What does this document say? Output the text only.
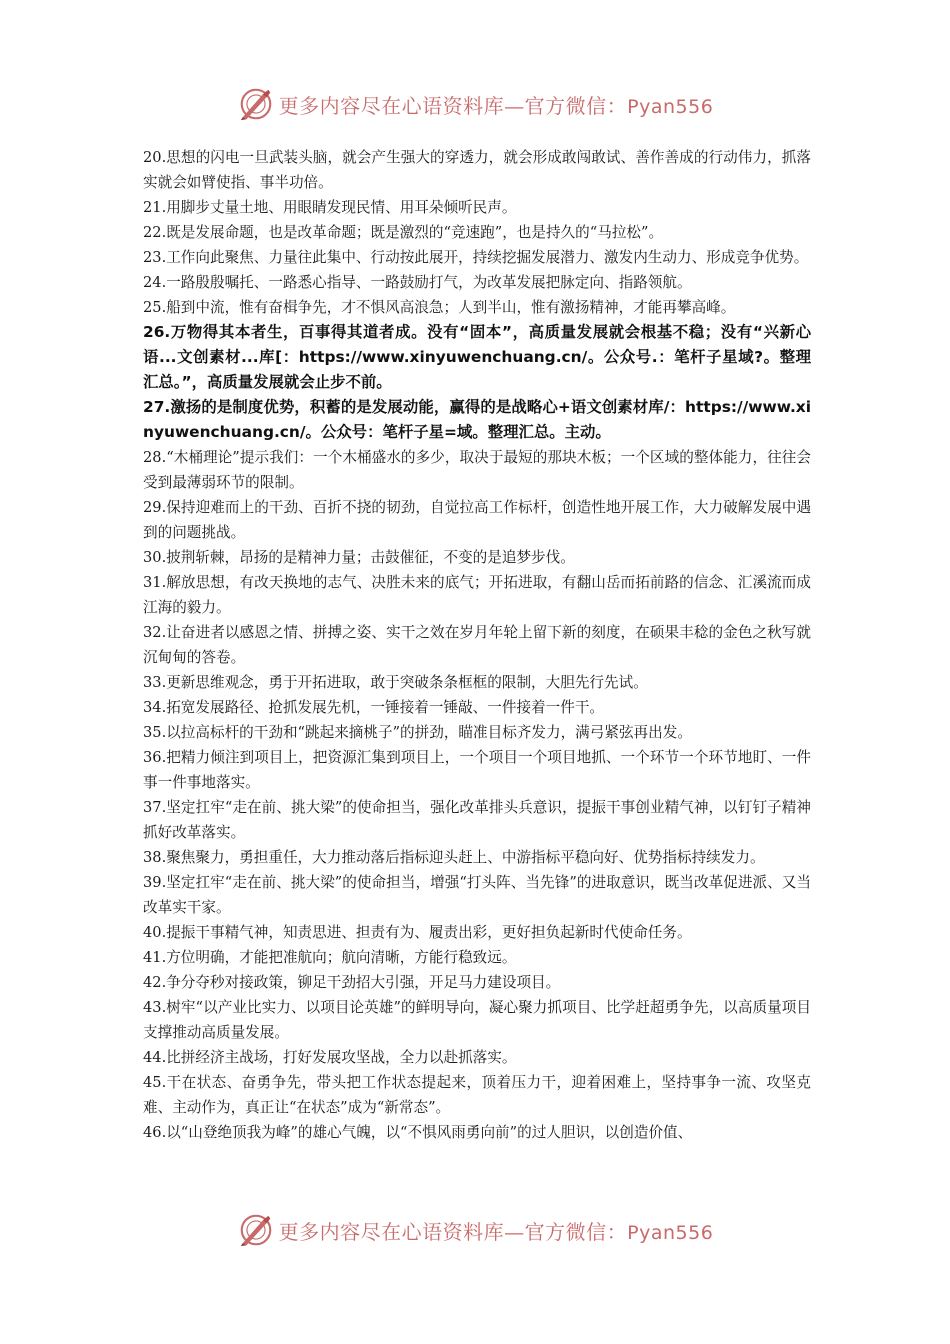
更多内容尽在心语资料库—官方微信：Pyan556

20.思想的闪电一旦武装头脑，就会产生强大的穿透力，就会形成敢闯敢试、善作善成的行动伟力，抓落实就会如臂使指、事半功倍。

21.用脚步丈量土地、用眼睛发现民情、用耳朵倾听民声。

22.既是发展命题，也是改革命题；既是激烈的“竞速跑”，也是持久的“马拉松”。

23.工作向此聚焦、力量往此集中、行动按此展开，持续挖掘发展潜力、激发内生动力、形成竞争优势。

24.一路殷殷嘱托、一路悉心指导、一路鼓励打气，为改革发展把脉定向、指路领航。

25.船到中流，惟有奋楫争先，才不惧风高浪急；人到半山，惟有激扬精神，才能再攀高峰。

26.万物得其本者生，百事得其道者成。没有“固本”，高质量发展就会根基不稳；没有“兴新心语...文创素材...库[：https://www.xinyuwenchuang.cn/。公众号.：笔杆子星域?。整理汇总。”，高质量发展就会止步不前。

27.激扬的是制度优势，积蓄的是发展动能，赢得的是战略心+语文创素材库/：https://www.xinyuwenchuang.cn/。公众号：笔杆子星=域。整理汇总。主动。

28.“木桶理论”提示我们：一个木桶盛水的多少，取决于最短的那块木板；一个区域的整体能力，往往会受到最薄弱环节的限制。

29.保持迎难而上的干劲、百折不挠的韧劲，自觉拉高工作标杆，创造性地开展工作，大力破解发展中遇到的问题挑战。

30.披荆斩棘，昂扬的是精神力量；击鼓催征，不变的是追梦步伐。

31.解放思想，有改天换地的志气、决胜未来的底气；开拓进取，有翻山岳而拓前路的信念、汇溪流而成江海的毅力。

32.让奋进者以感恩之情、拼搏之姿、实干之效在岁月年轮上留下新的刻度，在硕果丰稔的金色之秋写就沉甸甸的答卷。

33.更新思维观念，勇于开拓进取，敢于突破条条框框的限制，大胆先行先试。

34.拓宽发展路径、抢抓发展先机，一锤接着一锤敲、一件接着一件干。

35.以拉高标杆的干劲和“跳起来摘桃子”的拼劲，瞄准目标齐发力，满弓紧弦再出发。

36.把精力倾注到项目上，把资源汇集到项目上，一个项目一个项目地抓、一个环节一个环节地盯、一件事一件事地落实。

37.坚定扛牢“走在前、挑大梁”的使命担当，强化改革排头兵意识，提振干事创业精气神，以钉钉子精神抓好改革落实。

38.聚焦聚力，勇担重任，大力推动落后指标迎头赶上、中游指标平稳向好、优势指标持续发力。

39.坚定扛牢“走在前、挑大梁”的使命担当，增强“打头阵、当先锋”的进取意识，既当改革促进派、又当改革实干家。

40.提振干事精气神，知责思进、担责有为、履责出彩，更好担负起新时代使命任务。

41.方位明确，才能把准航向；航向清晰，方能行稳致远。

42.争分夺秒对接政策，铆足干劲招大引强，开足马力建设项目。

43.树牢“以产业比实力、以项目论英雄”的鲜明导向，凝心聚力抓项目、比学赶超勇争先，以高质量项目支撑推动高质量发展。

44.比拼经济主战场，打好发展攻坚战，全力以赴抓落实。

45.干在状态、奋勇争先，带头把工作状态提起来，顶着压力干，迎着困难上，坚持事争一流、攻坚克难、主动作为，真正让“在状态”成为“新常态”。

46.以“山登绝顶我为峰”的雄心气魄，以“不惧风雨勇向前”的过人胆识，以创造价值、

更多内容尽在心语资料库—官方微信：Pyan556
